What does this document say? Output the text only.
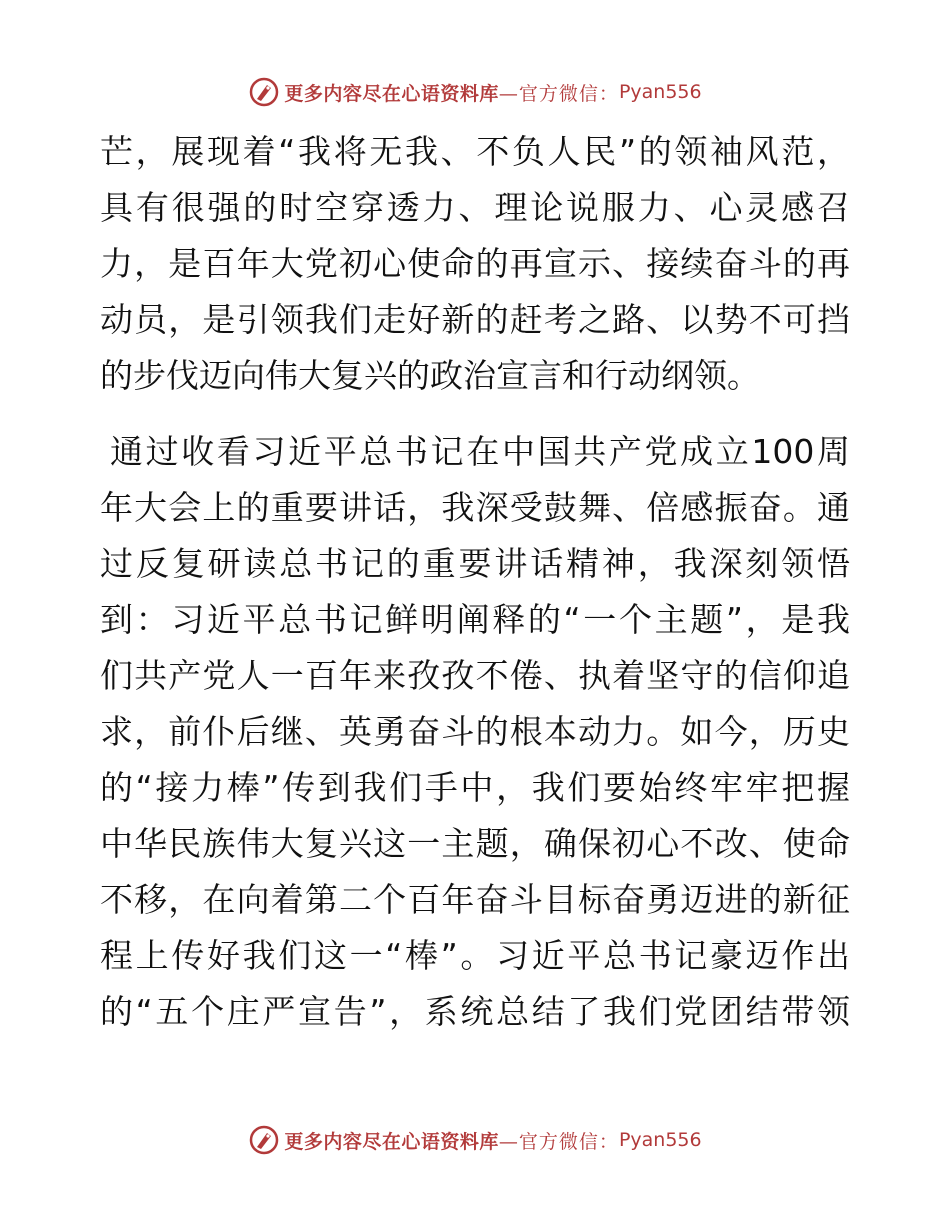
更多内容尽在心语资料库 —官方微信： Pyan556
芒，展现着“我将无我、不负人民”的领袖风范，
具有很强的时空穿透力、理论说服力、心灵感召
力，是百年大党初心使命的再宣示、接续奋斗的再
动员，是引领我们走好新的赶考之路、以势不可挡
的步伐迈向伟大复兴的政治宣言和行动纲领。
通过收看习近平总书记在中国共产党成立100周
年大会上的重要讲话，我深受鼓舞、倍感振奋。通
过反复研读总书记的重要讲话精神，我深刻领悟
到：习近平总书记鲜明阐释的“一个主题”，是我
们共产党人一百年来孜孜不倦、执着坚守的信仰追
求，前仆后继、英勇奋斗的根本动力。如今，历史
的“接力棒”传到我们手中，我们要始终牢牢把握
中华民族伟大复兴这一主题，确保初心不改、使命
不移，在向着第二个百年奋斗目标奋勇迈进的新征
程上传好我们这一“棒”。习近平总书记豪迈作出
的“五个庄严宣告”，系统总结了我们党团结带领
更多内容尽在心语资料库 —官方微信： Pyan556
